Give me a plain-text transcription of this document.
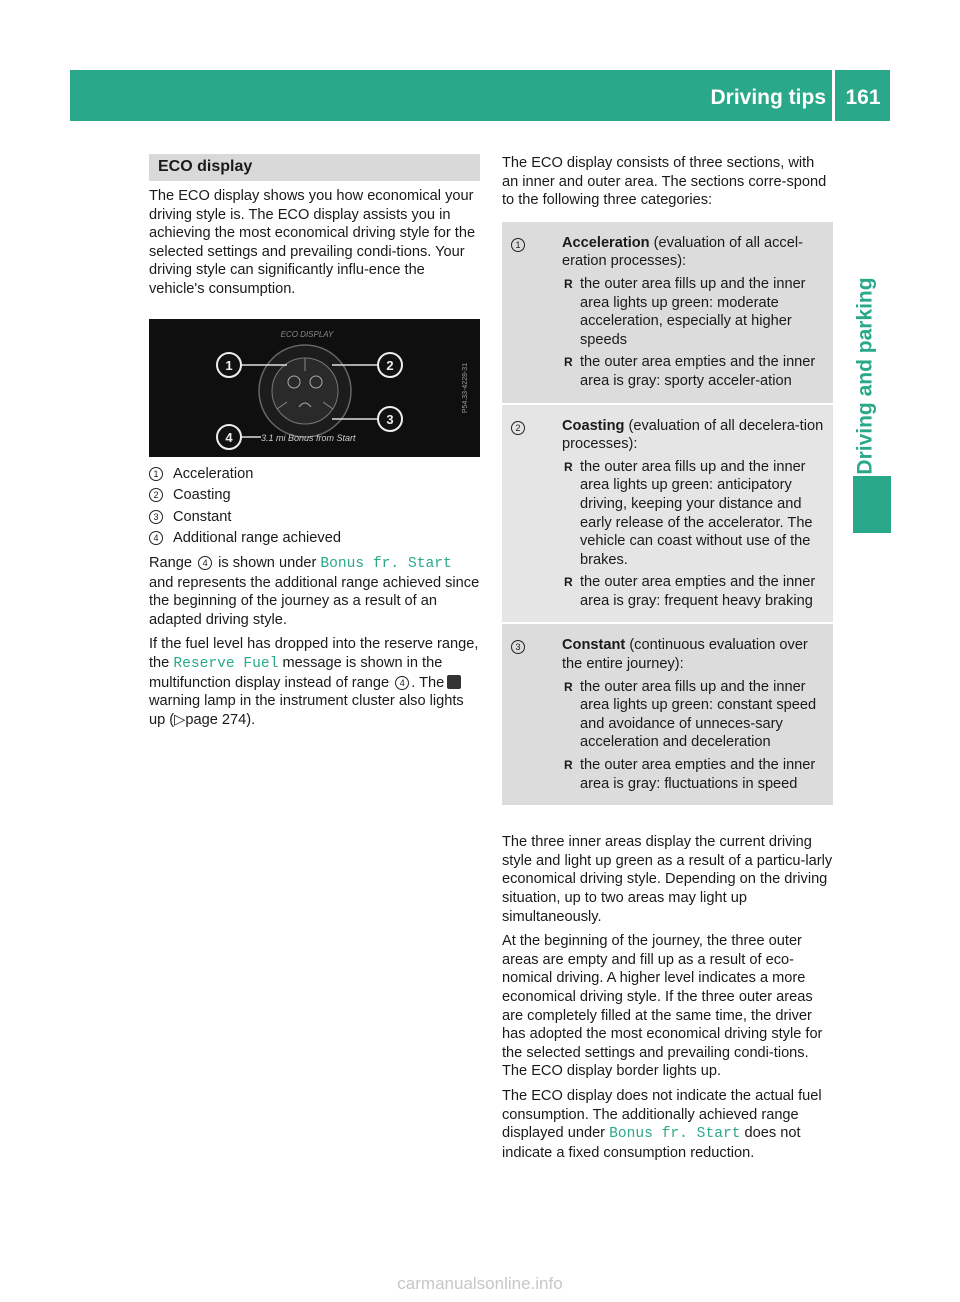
Driving tips 161
Driving and parking
ECO display

The ECO display shows you how economical your driving style is. The ECO display assists you in achieving the most economical driving style for the selected settings and prevailing condi-tions. Your driving style can significantly influ-ence the vehicle's consumption.

ECO DISPLAY
1	2
3
4	3.1 mi Bonus from Start
P54.33-4228-31
1 Acceleration
2 Coasting
3 Constant
4 Additional range achieved

Range 4 is shown under Bonus fr. Start and represents the additional range achieved since the beginning of the journey as a result of an adapted driving style.

If the fuel level has dropped into the reserve range, the Reserve Fuel message is shown in the multifunction display instead of range 4 . Thewarning lamp in the instrument cluster also lights up (▷page 274).

The ECO display consists of three sections, with an inner and outer area. The sections corre-spond to the following three categories:

1	Acceleration (evaluation of all accel-eration processes):
R the outer area fills up and the inner area lights up green: moderate acceleration, especially at higher speeds
R the outer area empties and the inner area is gray: sporty acceler-ation
2	Coasting (evaluation of all decelera-tion processes):
R the outer area fills up and the inner area lights up green: anticipatory driving, keeping your distance and early release of the accelerator. The vehicle can coast without use of the brakes.
R the outer area empties and the inner area is gray: frequent heavy braking
3	Constant (continuous evaluation over the entire journey):
R the outer area fills up and the inner area lights up green: constant speed and avoidance of unneces-sary acceleration and deceleration
R the outer area empties and the inner area is gray: fluctuations in speed

The three inner areas display the current driving style and light up green as a result of a particu-larly economical driving style. Depending on the driving situation, up to two areas may light up simultaneously.

At the beginning of the journey, the three outer areas are empty and fill up as a result of eco-nomical driving. A higher level indicates a more economical driving style. If the three outer areas are completely filled at the same time, the driver has adopted the most economical driving style for the selected settings and prevailing condi-tions. The ECO display border lights up.

The ECO display does not indicate the actual fuel consumption. The additionally achieved range displayed under Bonus fr. Start does not indicate a fixed consumption reduction.

carmanualsonline.info
